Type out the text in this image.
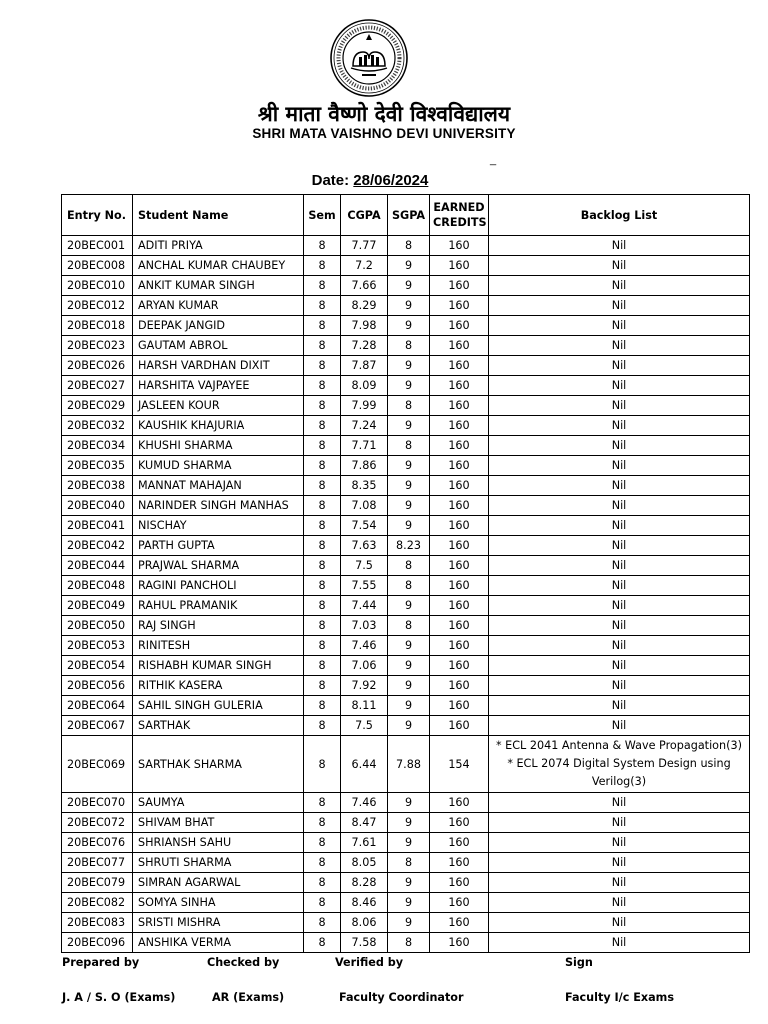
श्री माता वैष्णो देवी विश्वविद्यालय
SHRI MATA VAISHNO DEVI UNIVERSITY
_
Date: 28/06/2024
Entry No.	Student Name	Sem	CGPA	SGPA	EARNED CREDITS	Backlog List
20BEC001	ADITI PRIYA	8	7.77	8	160	Nil
20BEC008	ANCHAL KUMAR CHAUBEY	8	7.2	9	160	Nil
20BEC010	ANKIT KUMAR SINGH	8	7.66	9	160	Nil
20BEC012	ARYAN KUMAR	8	8.29	9	160	Nil
20BEC018	DEEPAK JANGID	8	7.98	9	160	Nil
20BEC023	GAUTAM ABROL	8	7.28	8	160	Nil
20BEC026	HARSH VARDHAN DIXIT	8	7.87	9	160	Nil
20BEC027	HARSHITA VAJPAYEE	8	8.09	9	160	Nil
20BEC029	JASLEEN KOUR	8	7.99	8	160	Nil
20BEC032	KAUSHIK KHAJURIA	8	7.24	9	160	Nil
20BEC034	KHUSHI SHARMA	8	7.71	8	160	Nil
20BEC035	KUMUD SHARMA	8	7.86	9	160	Nil
20BEC038	MANNAT MAHAJAN	8	8.35	9	160	Nil
20BEC040	NARINDER SINGH MANHAS	8	7.08	9	160	Nil
20BEC041	NISCHAY	8	7.54	9	160	Nil
20BEC042	PARTH GUPTA	8	7.63	8.23	160	Nil
20BEC044	PRAJWAL SHARMA	8	7.5	8	160	Nil
20BEC048	RAGINI PANCHOLI	8	7.55	8	160	Nil
20BEC049	RAHUL PRAMANIK	8	7.44	9	160	Nil
20BEC050	RAJ SINGH	8	7.03	8	160	Nil
20BEC053	RINITESH	8	7.46	9	160	Nil
20BEC054	RISHABH KUMAR SINGH	8	7.06	9	160	Nil
20BEC056	RITHIK KASERA	8	7.92	9	160	Nil
20BEC064	SAHIL SINGH GULERIA	8	8.11	9	160	Nil
20BEC067	SARTHAK	8	7.5	9	160	Nil
20BEC069	SARTHAK SHARMA	8	6.44	7.88	154	* ECL 2041 Antenna & Wave Propagation(3) * ECL 2074 Digital System Design using Verilog(3)
20BEC070	SAUMYA	8	7.46	9	160	Nil
20BEC072	SHIVAM BHAT	8	8.47	9	160	Nil
20BEC076	SHRIANSH SAHU	8	7.61	9	160	Nil
20BEC077	SHRUTI SHARMA	8	8.05	8	160	Nil
20BEC079	SIMRAN AGARWAL	8	8.28	9	160	Nil
20BEC082	SOMYA SINHA	8	8.46	9	160	Nil
20BEC083	SRISTI MISHRA	8	8.06	9	160	Nil
20BEC096	ANSHIKA VERMA	8	7.58	8	160	Nil
Prepared by	Checked by	Verified by	Sign
J. A / S. O (Exams)	AR (Exams)	Faculty Coordinator	Faculty I/c Exams
